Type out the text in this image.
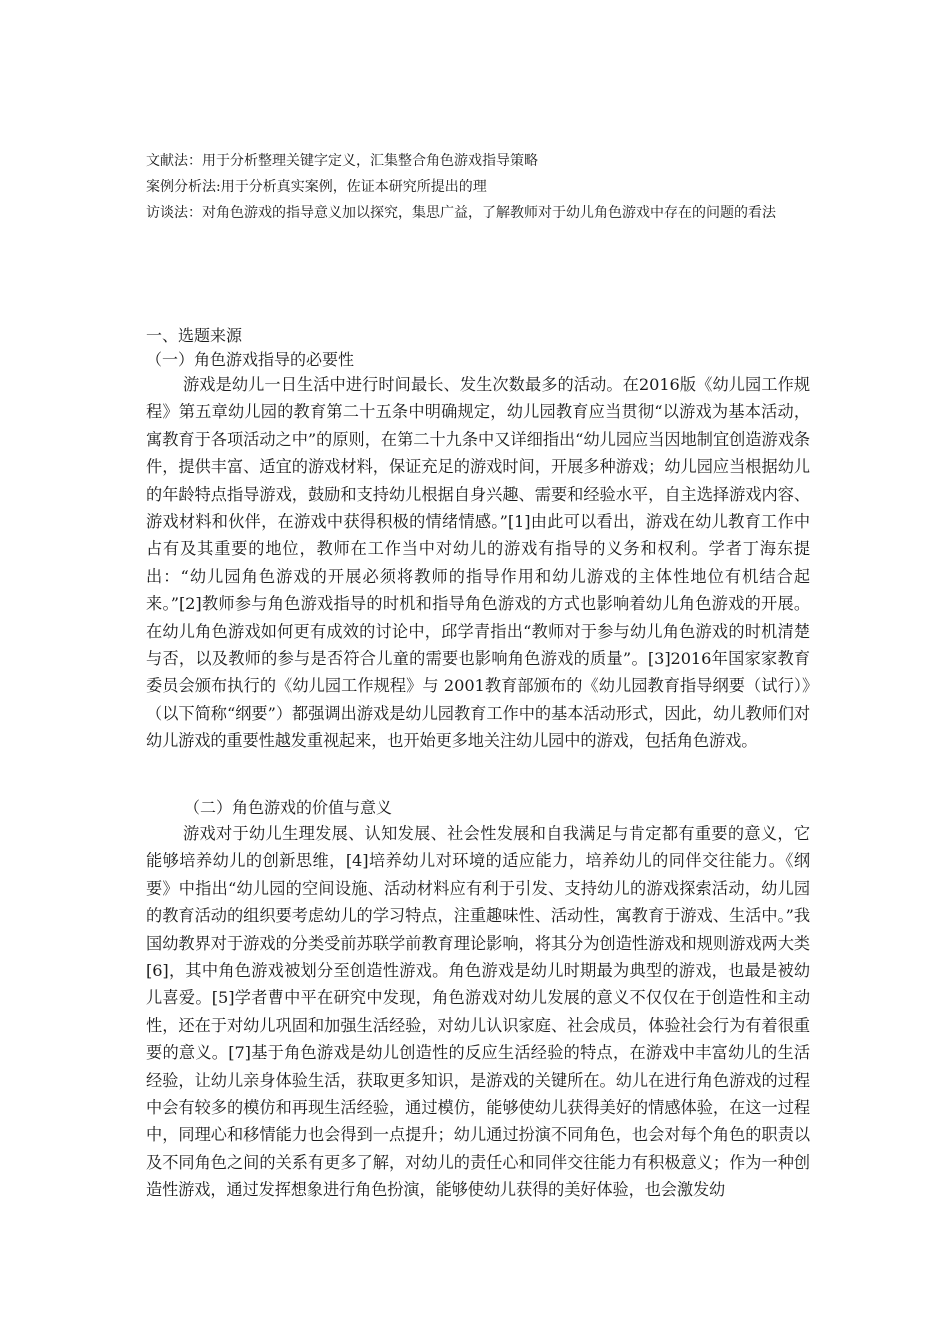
文献法：用于分析整理关键字定义，汇集整合角色游戏指导策略
案例分析法:用于分析真实案例，佐证本研究所提出的理
访谈法：对角色游戏的指导意义加以探究，集思广益，了解教师对于幼儿角色游戏中存在的问题的看法
一、选题来源
（一）角色游戏指导的必要性
游戏是幼儿一日生活中进行时间最长、发生次数最多的活动。在2016版《幼儿园工作规程》第五章幼儿园的教育第二十五条中明确规定，幼儿园教育应当贯彻“以游戏为基本活动，寓教育于各项活动之中”的原则，在第二十九条中又详细指出“幼儿园应当因地制宜创造游戏条件，提供丰富、适宜的游戏材料，保证充足的游戏时间，开展多种游戏；幼儿园应当根据幼儿的年龄特点指导游戏，鼓励和支持幼儿根据自身兴趣、需要和经验水平，自主选择游戏内容、游戏材料和伙伴，在游戏中获得积极的情绪情感。”[1]由此可以看出，游戏在幼儿教育工作中占有及其重要的地位，教师在工作当中对幼儿的游戏有指导的义务和权利。学者丁海东提出：“幼儿园角色游戏的开展必须将教师的指导作用和幼儿游戏的主体性地位有机结合起来。”[2]教师参与角色游戏指导的时机和指导角色游戏的方式也影响着幼儿角色游戏的开展。在幼儿角色游戏如何更有成效的讨论中，邱学青指出“教师对于参与幼儿角色游戏的时机清楚与否，以及教师的参与是否符合儿童的需要也影响角色游戏的质量”。[3]2016年国家家教育委员会颁布执行的《幼儿园工作规程》与 2001教育部颁布的《幼儿园教育指导纲要（试行）》（以下简称“纲要”）都强调出游戏是幼儿园教育工作中的基本活动形式，因此，幼儿教师们对幼儿游戏的重要性越发重视起来，也开始更多地关注幼儿园中的游戏，包括角色游戏。
（二）角色游戏的价值与意义
游戏对于幼儿生理发展、认知发展、社会性发展和自我满足与肯定都有重要的意义，它能够培养幼儿的创新思维，[4]培养幼儿对环境的适应能力，培养幼儿的同伴交往能力。《纲要》中指出“幼儿园的空间设施、活动材料应有利于引发、支持幼儿的游戏探索活动，幼儿园的教育活动的组织要考虑幼儿的学习特点，注重趣味性、活动性，寓教育于游戏、生活中。”我国幼教界对于游戏的分类受前苏联学前教育理论影响，将其分为创造性游戏和规则游戏两大类[6]，其中角色游戏被划分至创造性游戏。角色游戏是幼儿时期最为典型的游戏，也最是被幼儿喜爱。[5]学者曹中平在研究中发现，角色游戏对幼儿发展的意义不仅仅在于创造性和主动性，还在于对幼儿巩固和加强生活经验，对幼儿认识家庭、社会成员，体验社会行为有着很重要的意义。[7]基于角色游戏是幼儿创造性的反应生活经验的特点，在游戏中丰富幼儿的生活经验，让幼儿亲身体验生活，获取更多知识，是游戏的关键所在。幼儿在进行角色游戏的过程中会有较多的模仿和再现生活经验，通过模仿，能够使幼儿获得美好的情感体验，在这一过程中，同理心和移情能力也会得到一点提升；幼儿通过扮演不同角色，也会对每个角色的职责以及不同角色之间的关系有更多了解，对幼儿的责任心和同伴交往能力有积极意义；作为一种创造性游戏，通过发挥想象进行角色扮演，能够使幼儿获得的美好体验，也会激发幼
